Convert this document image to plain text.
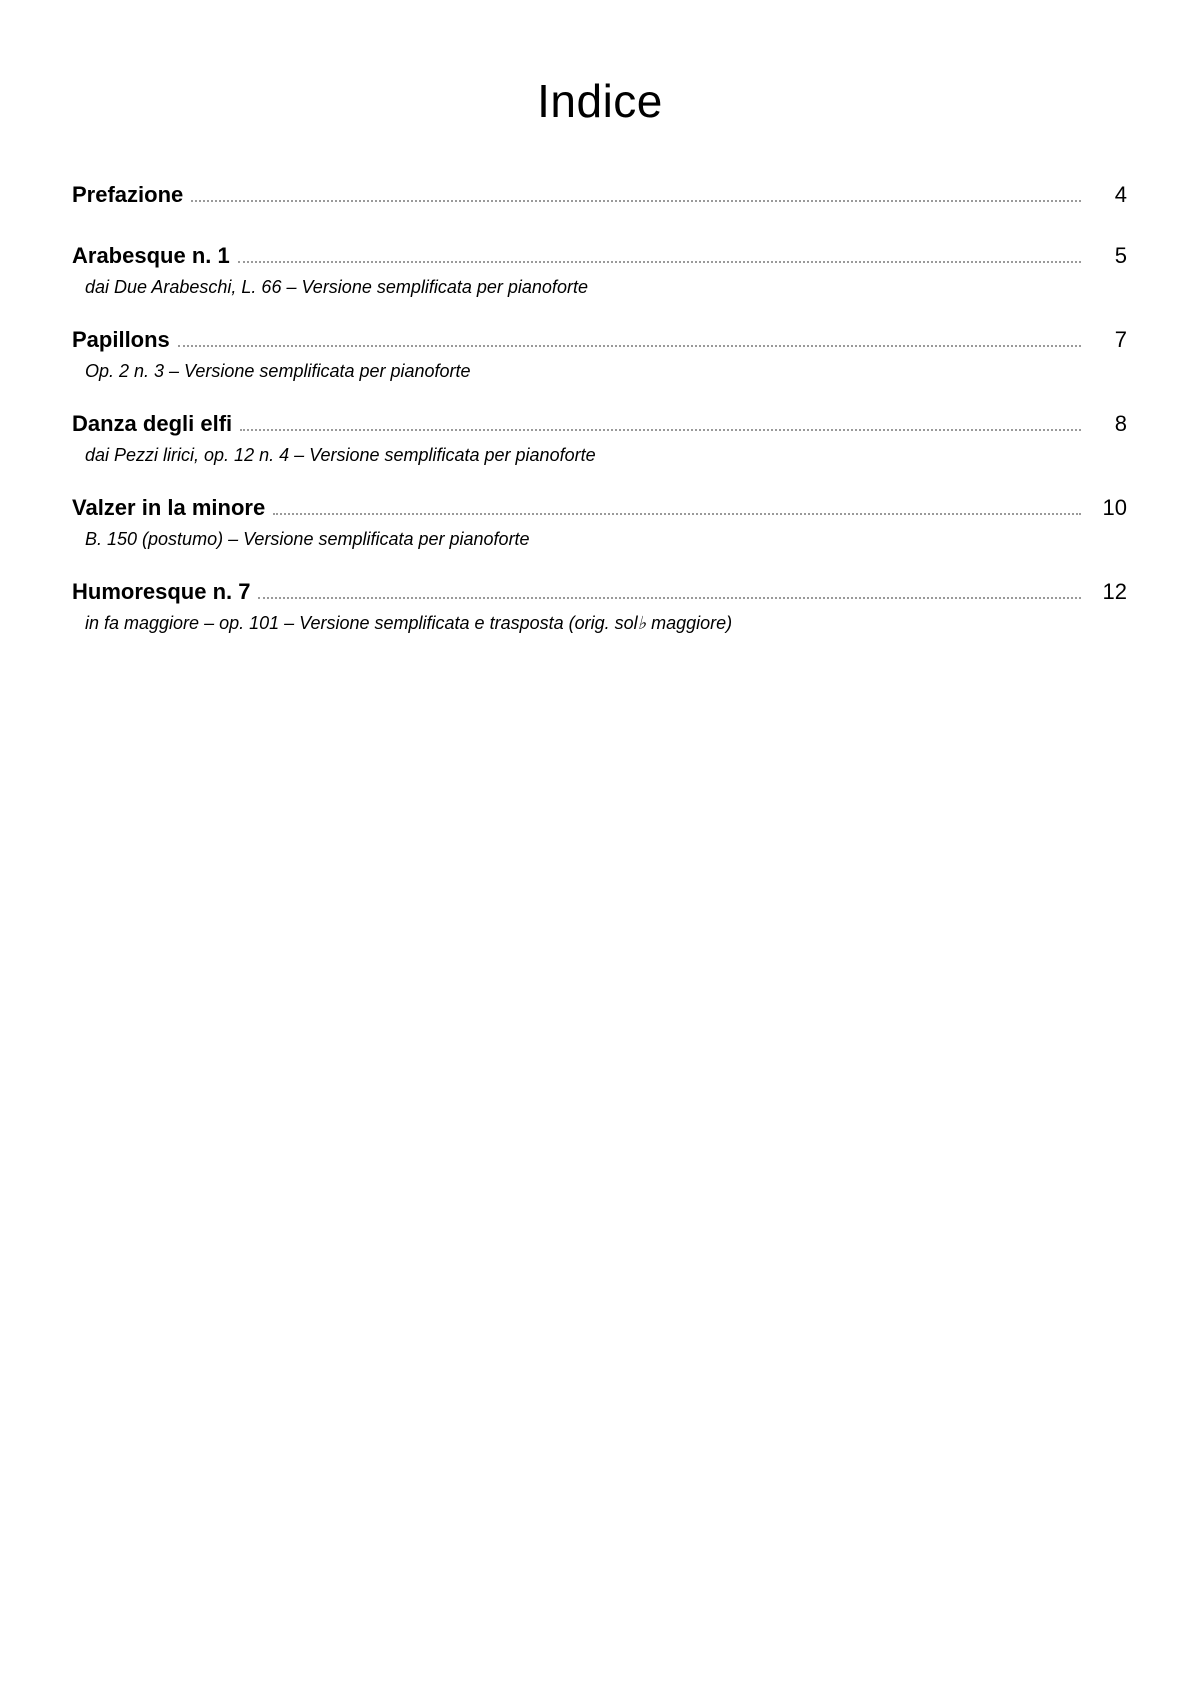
Indice
Prefazione	4
Arabesque n. 1	5
dai Due Arabeschi, L. 66 – Versione semplificata per pianoforte
Papillons	7
Op. 2 n. 3 – Versione semplificata per pianoforte
Danza degli elfi	8
dai Pezzi lirici, op. 12 n. 4 – Versione semplificata per pianoforte
Valzer in la minore	10
B. 150 (postumo) – Versione semplificata per pianoforte
Humoresque n. 7	12
in fa maggiore – op. 101 – Versione semplificata e trasposta (orig. sol♭ maggiore)
